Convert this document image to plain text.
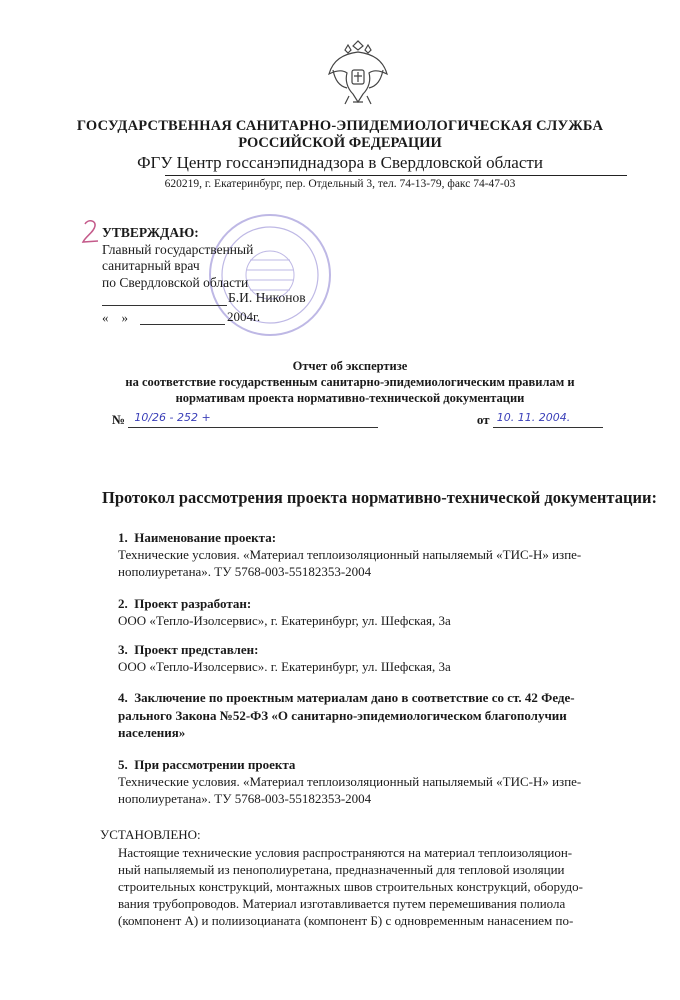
ГОСУДАРСТВЕННАЯ САНИТАРНО-ЭПИДЕМИОЛОГИЧЕСКАЯ СЛУЖБА
РОССИЙСКОЙ ФЕДЕРАЦИИ
ФГУ Центр госсанэпиднадзора в Свердловской области
620219, г. Екатеринбург, пер. Отдельный 3, тел. 74-13-79, факс 74-47-03
УТВЕРЖДАЮ:
Главный государственный
санитарный врач
по Свердловской области
Б.И. Никонов
«    »	2004г.
Отчет об экспертизе
на соответствие государственным санитарно-эпидемиологическим правилам и
нормативам проекта нормативно-технической документации
№ 10/26 - 252 +	от 10. 11. 2004.
Протокол рассмотрения проекта нормативно-технической документации:
1. Наименование проекта:
Технические условия. «Материал теплоизоляционный напыляемый «ТИС-Н» изпе-
нополиуретана». ТУ 5768-003-55182353-2004
2. Проект разработан:
ООО «Тепло-Изолсервис», г. Екатеринбург, ул. Шефская, 3а
3. Проект представлен:
ООО «Тепло-Изолсервис». г. Екатеринбург, ул. Шефская, 3а
4. Заключение по проектным материалам дано в соответствие со ст. 42 Феде-
рального Закона №52-ФЗ «О санитарно-эпидемиологическом благополучии
населения»
5. При рассмотрении проекта
Технические условия. «Материал теплоизоляционный напыляемый «ТИС-Н» изпе-
нополиуретана». ТУ 5768-003-55182353-2004
УСТАНОВЛЕНО:
Настоящие технические условия распространяются на материал теплоизоляцион-
ный напыляемый из пенополиуретана, предназначенный для тепловой изоляции
строительных конструкций, монтажных швов строительных конструкций, оборудо-
вания трубопроводов. Материал изготавливается путем перемешивания полиола
(компонент А) и полиизоцианата (компонент Б) с одновременным нанасением по-
